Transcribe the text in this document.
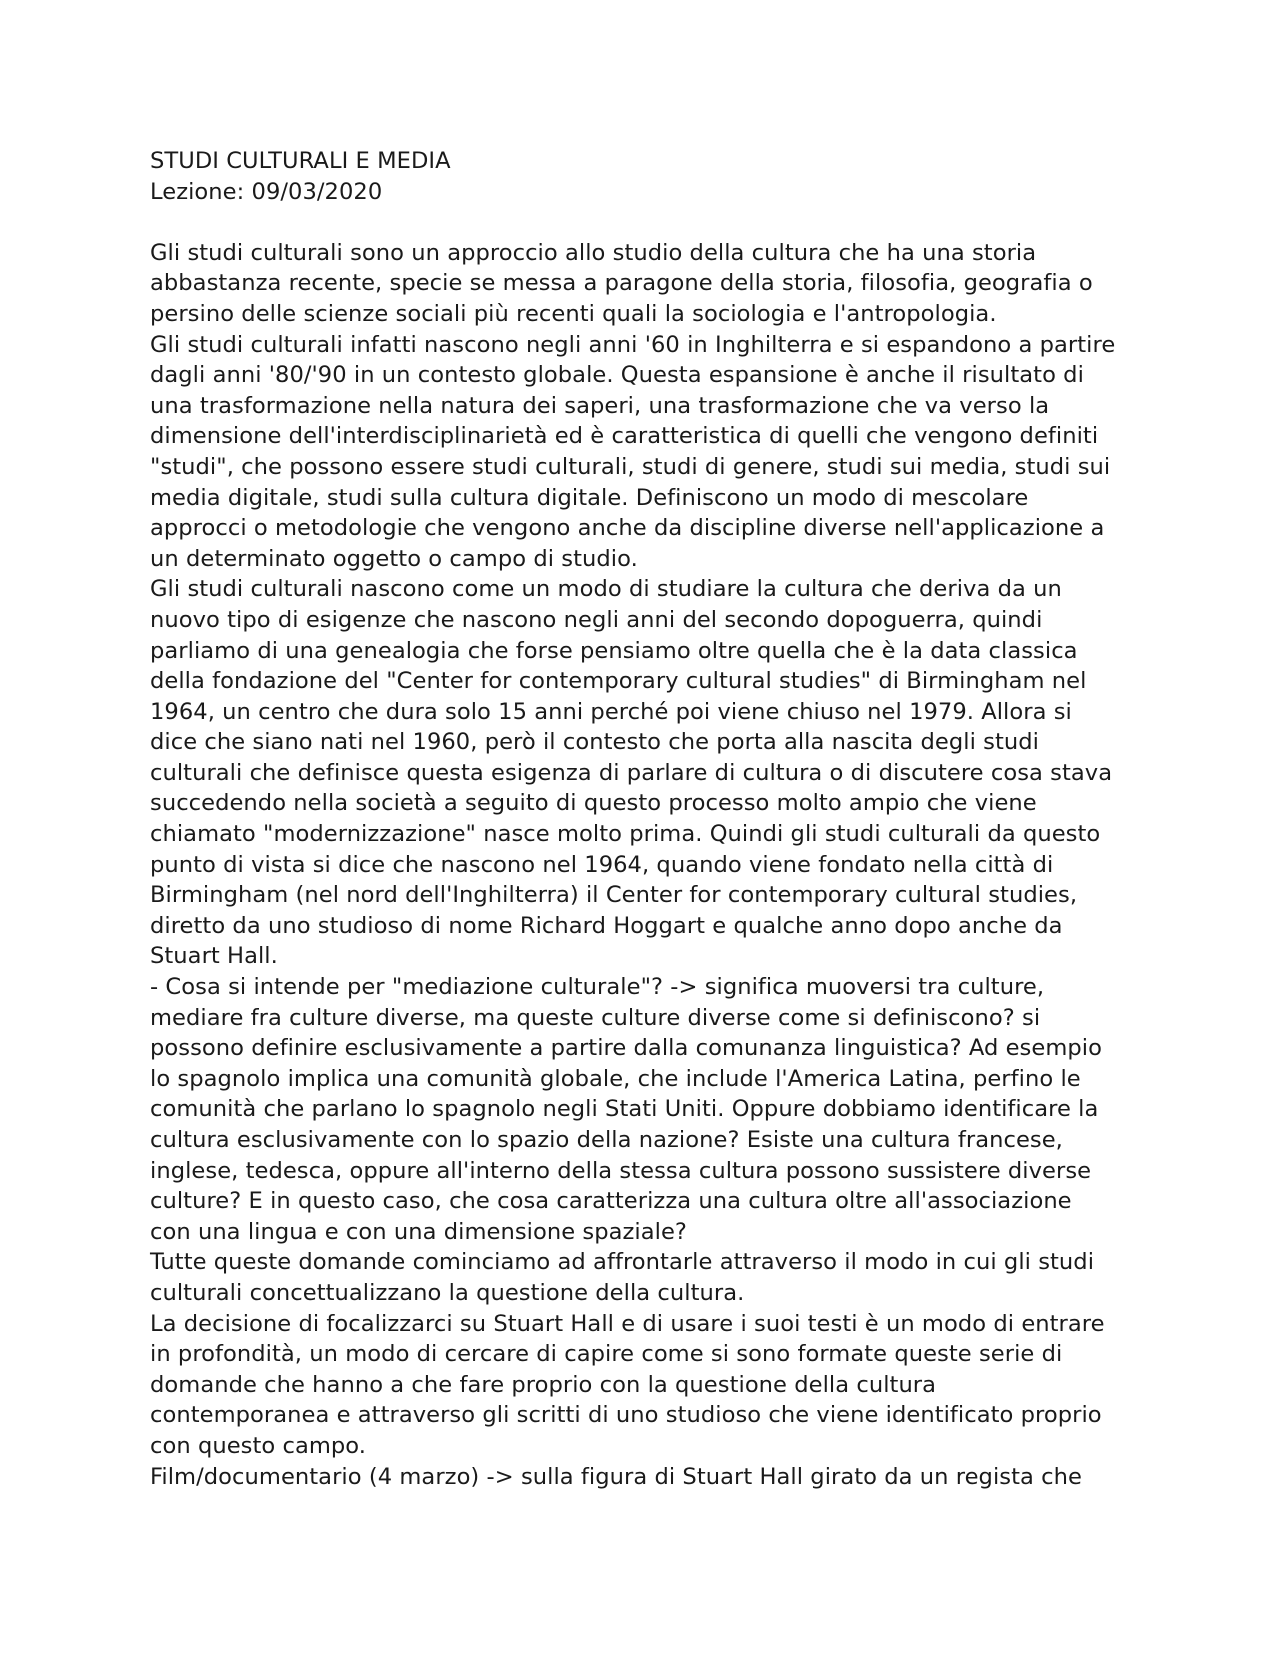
STUDI CULTURALI E MEDIA
Lezione: 09/03/2020
Gli studi culturali sono un approccio allo studio della cultura che ha una storia
abbastanza recente, specie se messa a paragone della storia, filosofia, geografia o
persino delle scienze sociali più recenti quali la sociologia e l'antropologia.
Gli studi culturali infatti nascono negli anni '60 in Inghilterra e si espandono a partire
dagli anni '80/'90 in un contesto globale. Questa espansione è anche il risultato di
una trasformazione nella natura dei saperi, una trasformazione che va verso la
dimensione dell'interdisciplinarietà ed è caratteristica di quelli che vengono definiti
"studi", che possono essere studi culturali, studi di genere, studi sui media, studi sui
media digitale, studi sulla cultura digitale. Definiscono un modo di mescolare
approcci o metodologie che vengono anche da discipline diverse nell'applicazione a
un determinato oggetto o campo di studio.
Gli studi culturali nascono come un modo di studiare la cultura che deriva da un
nuovo tipo di esigenze che nascono negli anni del secondo dopoguerra, quindi
parliamo di una genealogia che forse pensiamo oltre quella che è la data classica
della fondazione del "Center for contemporary cultural studies" di Birmingham nel
1964, un centro che dura solo 15 anni perché poi viene chiuso nel 1979. Allora si
dice che siano nati nel 1960, però il contesto che porta alla nascita degli studi
culturali che definisce questa esigenza di parlare di cultura o di discutere cosa stava
succedendo nella società a seguito di questo processo molto ampio che viene
chiamato "modernizzazione" nasce molto prima. Quindi gli studi culturali da questo
punto di vista si dice che nascono nel 1964, quando viene fondato nella città di
Birmingham (nel nord dell'Inghilterra) il Center for contemporary cultural studies,
diretto da uno studioso di nome Richard Hoggart e qualche anno dopo anche da
Stuart Hall.
- Cosa si intende per "mediazione culturale"? -> significa muoversi tra culture,
mediare fra culture diverse, ma queste culture diverse come si definiscono? si
possono definire esclusivamente a partire dalla comunanza linguistica? Ad esempio
lo spagnolo implica una comunità globale, che include l'America Latina, perfino le
comunità che parlano lo spagnolo negli Stati Uniti. Oppure dobbiamo identificare la
cultura esclusivamente con lo spazio della nazione? Esiste una cultura francese,
inglese, tedesca, oppure all'interno della stessa cultura possono sussistere diverse
culture? E in questo caso, che cosa caratterizza una cultura oltre all'associazione
con una lingua e con una dimensione spaziale?
Tutte queste domande cominciamo ad affrontarle attraverso il modo in cui gli studi
culturali concettualizzano la questione della cultura.
La decisione di focalizzarci su Stuart Hall e di usare i suoi testi è un modo di entrare
in profondità, un modo di cercare di capire come si sono formate queste serie di
domande che hanno a che fare proprio con la questione della cultura
contemporanea e attraverso gli scritti di uno studioso che viene identificato proprio
con questo campo.
Film/documentario (4 marzo) -> sulla figura di Stuart Hall girato da un regista che
